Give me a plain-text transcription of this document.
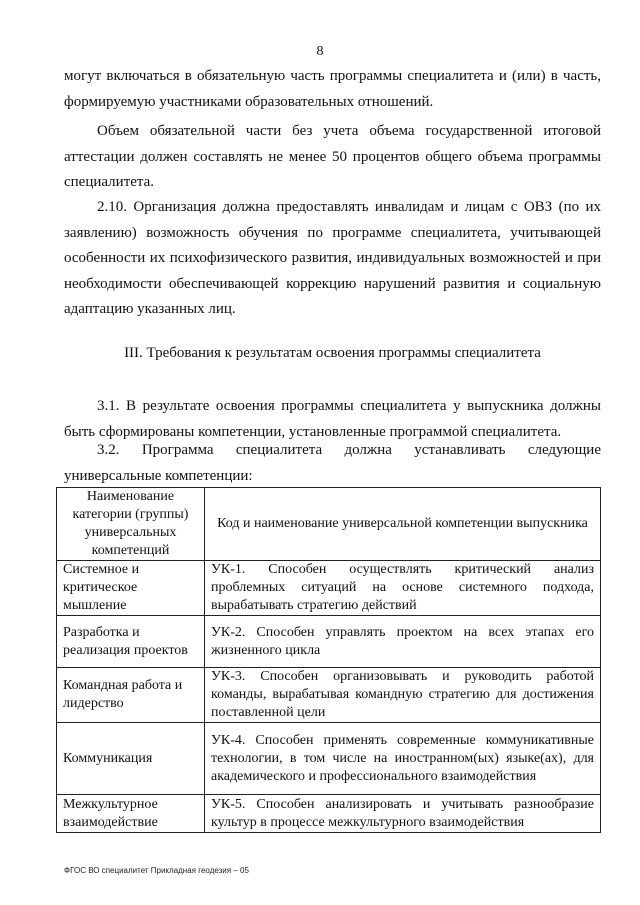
8
могут включаться в обязательную часть программы специалитета и (или) в часть, формируемую участниками образовательных отношений.
Объем обязательной части без учета объема государственной итоговой аттестации должен составлять не менее 50 процентов общего объема программы специалитета.
2.10. Организация должна предоставлять инвалидам и лицам с ОВЗ (по их заявлению) возможность обучения по программе специалитета, учитывающей особенности их психофизического развития, индивидуальных возможностей и при необходимости обеспечивающей коррекцию нарушений развития и социальную адаптацию указанных лиц.
III. Требования к результатам освоения программы специалитета
3.1. В результате освоения программы специалитета у выпускника должны быть сформированы компетенции, установленные программой специалитета.
3.2. Программа специалитета должна устанавливать следующие универсальные компетенции:
Наименование категории (группы) универсальных компетенций	Код и наименование универсальной компетенции выпускника
Системное и критическое мышление	УК-1. Способен осуществлять критический анализ проблемных ситуаций на основе системного подхода, вырабатывать стратегию действий
Разработка и реализация проектов	УК-2. Способен управлять проектом на всех этапах его жизненного цикла
Командная работа и лидерство	УК-3. Способен организовывать и руководить работой команды, вырабатывая командную стратегию для достижения поставленной цели
Коммуникация	УК-4. Способен применять современные коммуникативные технологии, в том числе на иностранном(ых) языке(ах), для академического и профессионального взаимодействия
Межкультурное взаимодействие	УК-5. Способен анализировать и учитывать разнообразие культур в процессе межкультурного взаимодействия
ФГОС ВО специалитет Прикладная геодезия – 05
